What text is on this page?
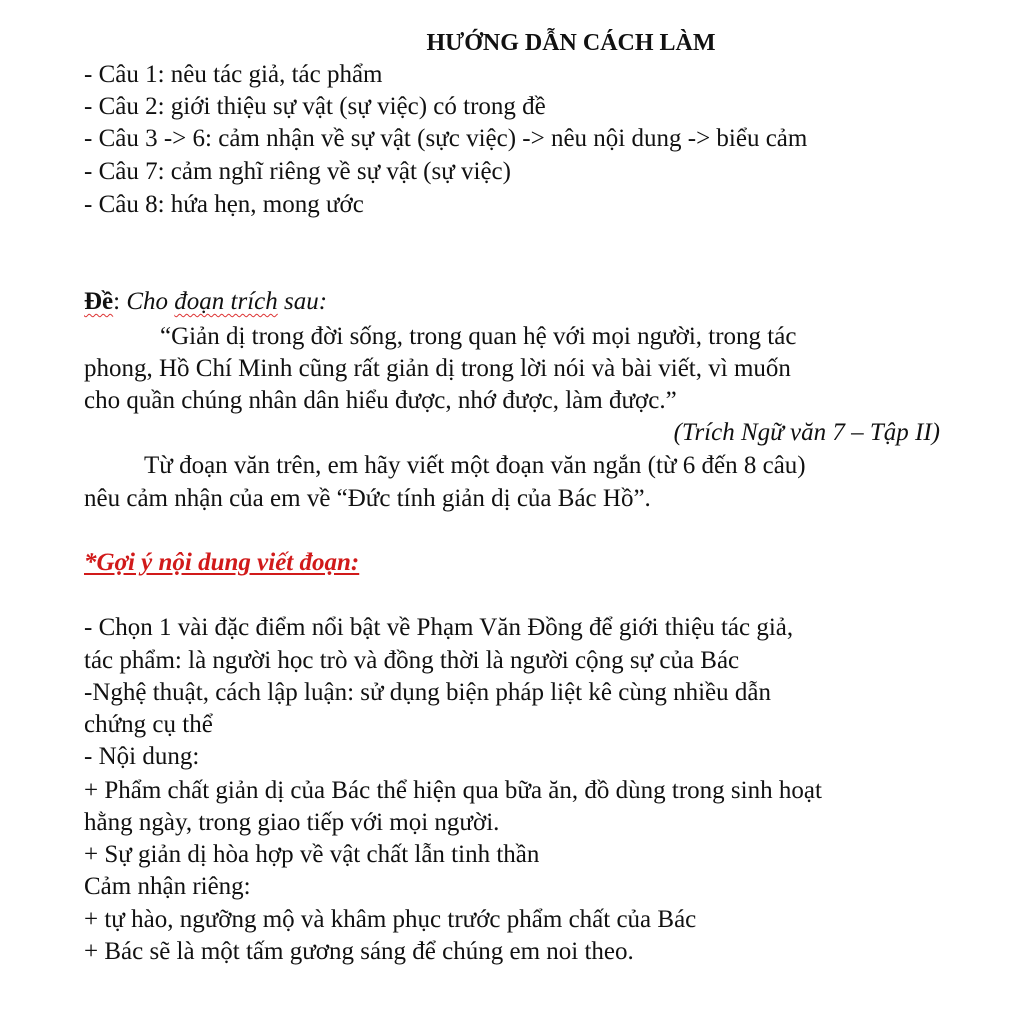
HƯỚNG DẪN CÁCH LÀM
- Câu 1: nêu tác giả, tác phẩm
- Câu 2: giới thiệu sự vật (sự việc) có trong đề
- Câu 3 -> 6: cảm nhận về sự vật (sực việc) -> nêu nội dung -> biểu cảm
- Câu 7: cảm nghĩ riêng về sự vật (sự việc)
- Câu 8: hứa hẹn, mong ước
Đề: Cho đoạn trích sau:
“Giản dị trong đời sống, trong quan hệ với mọi người, trong tác
phong, Hồ Chí Minh cũng rất giản dị trong lời nói và bài viết, vì muốn
cho quần chúng nhân dân hiểu được, nhớ được, làm được.”
(Trích Ngữ văn 7 – Tập II)
Từ đoạn văn trên, em hãy viết một đoạn văn ngắn (từ 6 đến 8 câu)
nêu cảm nhận của em về “Đức tính giản dị của Bác Hồ”.
*Gợi ý nội dung viết đoạn:
- Chọn 1 vài đặc điểm nổi bật về Phạm Văn Đồng để giới thiệu tác giả,
tác phẩm: là người học trò và đồng thời là người cộng sự của Bác
-Nghệ thuật, cách lập luận: sử dụng biện pháp liệt kê cùng nhiều dẫn
chứng cụ thể
- Nội dung:
+ Phẩm chất giản dị của Bác thể hiện qua bữa ăn, đồ dùng trong sinh hoạt
hằng ngày, trong giao tiếp với mọi người.
+ Sự giản dị hòa hợp về vật chất lẫn tinh thần
Cảm nhận riêng:
+ tự hào, ngưỡng mộ và khâm phục trước phẩm chất của Bác
+ Bác sẽ là một tấm gương sáng để chúng em noi theo.
